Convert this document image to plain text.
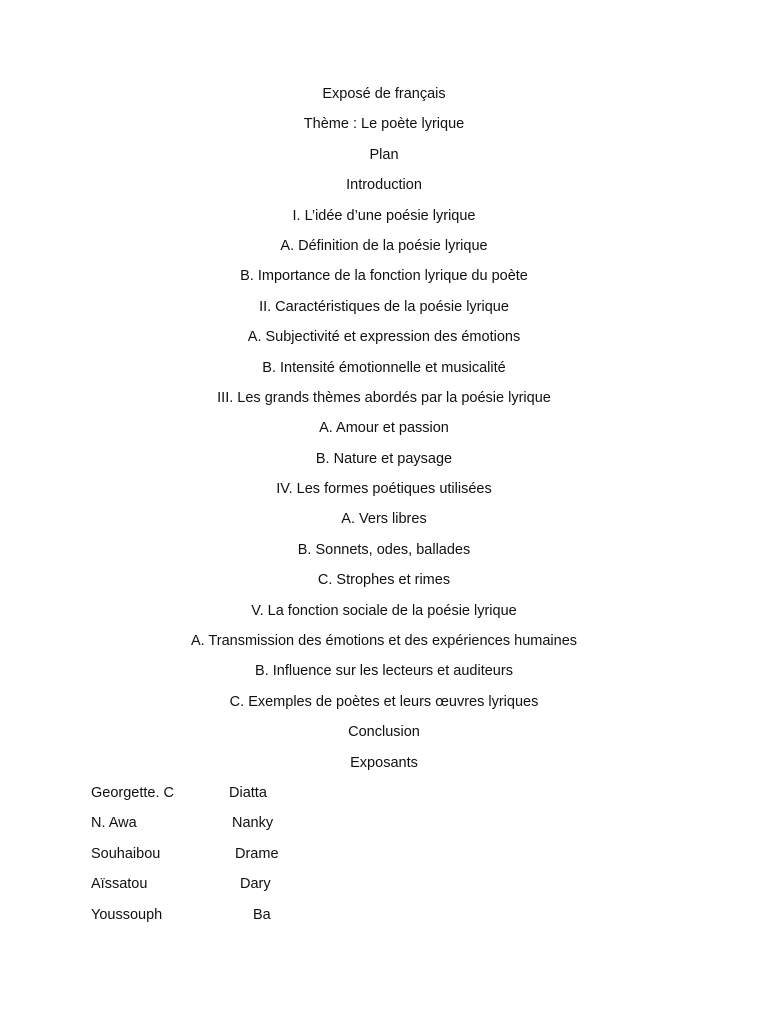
Exposé de français
Thème : Le poète lyrique
Plan
Introduction
I. L’idée d’une poésie lyrique
A. Définition de la poésie lyrique
B. Importance de la fonction lyrique du poète
II. Caractéristiques de la poésie lyrique
A. Subjectivité et expression des émotions
B. Intensité émotionnelle et musicalité
III. Les grands thèmes abordés par la poésie lyrique
A. Amour et passion
B. Nature et paysage
IV. Les formes poétiques utilisées
A. Vers libres
B. Sonnets, odes, ballades
C. Strophes et rimes
V. La fonction sociale de la poésie lyrique
A. Transmission des émotions et des expériences humaines
B. Influence sur les lecteurs et auditeurs
C. Exemples de poètes et leurs œuvres lyriques
Conclusion
Exposants
Georgette. C	Diatta
N. Awa	Nanky
Souhaibou	Drame
Aïssatou	Dary
Youssouph	Ba
